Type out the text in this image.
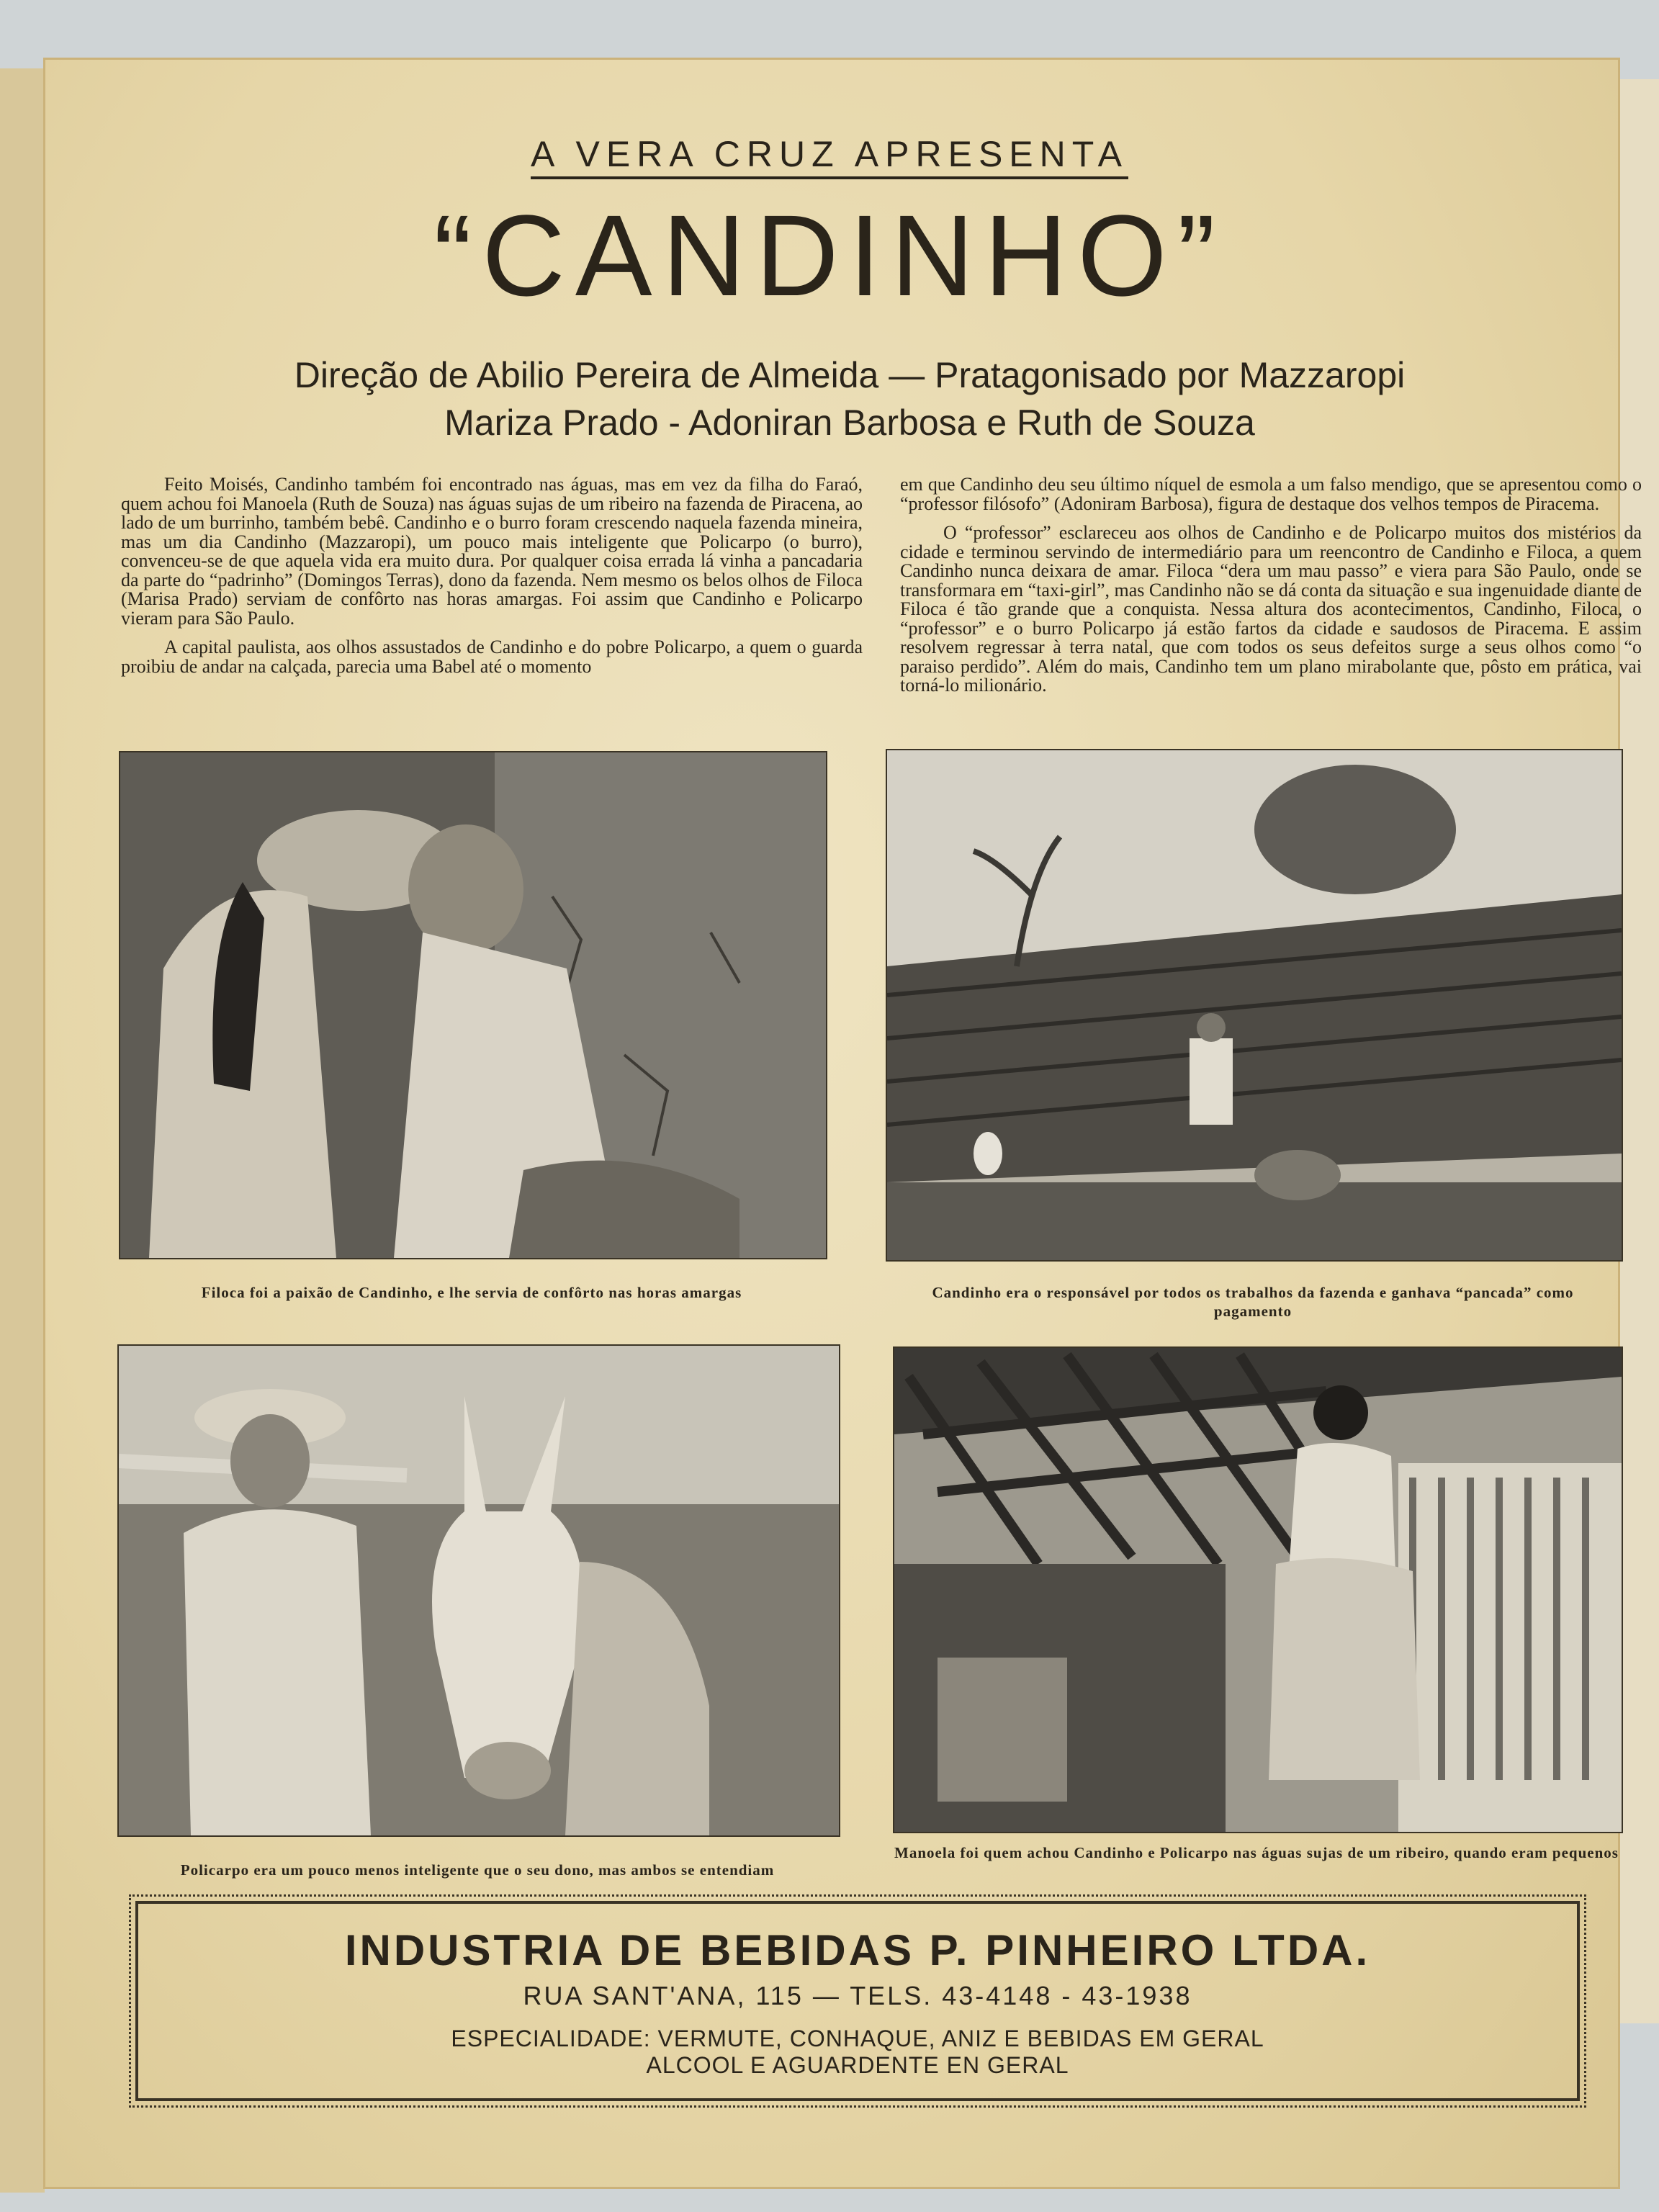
A VERA CRUZ APRESENTA
“CANDINHO”
Direção de Abilio Pereira de Almeida — Pratagonisado por Mazzaropi
Mariza Prado - Adoniran Barbosa e Ruth de Souza

Feito Moisés, Candinho também foi encontrado nas águas, mas em vez da filha do Faraó, quem achou foi Manoela (Ruth de Souza) nas águas sujas de um ribeiro na fazenda de Piracena, ao lado de um burrinho, também bebê. Candinho e o burro foram crescendo naquela fazenda mineira, mas um dia Candinho (Mazzaropi), um pouco mais inteligente que Policarpo (o burro), convenceu-se de que aquela vida era muito dura. Por qualquer coisa errada lá vinha a pancadaria da parte do “padrinho” (Domingos Terras), dono da fazenda. Nem mesmo os belos olhos de Filoca (Marisa Prado) serviam de confôrto nas horas amargas. Foi assim que Candinho e Policarpo vieram para São Paulo.

A capital paulista, aos olhos assustados de Candinho e do pobre Policarpo, a quem o guarda proibiu de andar na calçada, parecia uma Babel até o momento

em que Candinho deu seu último níquel de esmola a um falso mendigo, que se apresentou como o “professor filósofo” (Adoniram Barbosa), figura de destaque dos velhos tempos de Piracema.

O “professor” esclareceu aos olhos de Candinho e de Policarpo muitos dos mistérios da cidade e terminou servindo de intermediário para um reencontro de Candinho e Filoca, a quem Candinho nunca deixara de amar. Filoca “dera um mau passo” e viera para São Paulo, onde se transformara em “taxi-girl”, mas Candinho não se dá conta da situação e sua ingenuidade diante de Filoca é tão grande que a conquista. Nessa altura dos acontecimentos, Candinho, Filoca, o “professor” e o burro Policarpo já estão fartos da cidade e saudosos de Piracema. E assim resolvem regressar à terra natal, que com todos os seus defeitos surge a seus olhos como “o paraiso perdido”. Além do mais, Candinho tem um plano mirabolante que, pôsto em prática, vai torná-lo milionário.

Filoca foi a paixão de Candinho, e lhe servia de confôrto nas horas amargas	Candinho era o responsável por todos os trabalhos da fazenda e ganhava “pancada” como pagamento
Policarpo era um pouco menos inteligente que o seu dono, mas ambos se entendiam
Manoela foi quem achou Candinho e Policarpo nas águas sujas de um ribeiro, quando eram pequenos
INDUSTRIA DE BEBIDAS P. PINHEIRO LTDA.
RUA SANT'ANA, 115 — TELS. 43-4148 - 43-1938
ESPECIALIDADE: VERMUTE, CONHAQUE, ANIZ E BEBIDAS EM GERAL
ALCOOL E AGUARDENTE EN GERAL
